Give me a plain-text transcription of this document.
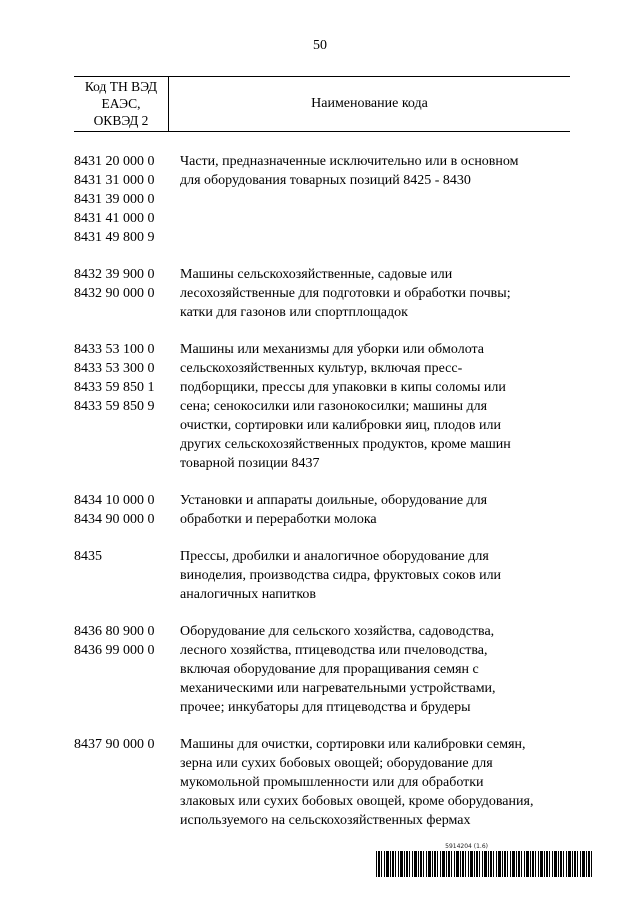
50
Код ТН ВЭД
ЕАЭС,
ОКВЭД 2
Наименование кода
8431 20 000 0
8431 31 000 0
8431 39 000 0
8431 41 000 0
8431 49 800 9
Части, предназначенные исключительно или в основном
для оборудования товарных позиций 8425 - 8430
8432 39 900 0
8432 90 000 0
Машины сельскохозяйственные, садовые или
лесохозяйственные для подготовки и обработки почвы;
катки для газонов или спортплощадок
8433 53 100 0
8433 53 300 0
8433 59 850 1
8433 59 850 9
Машины или механизмы для уборки или обмолота
сельскохозяйственных культур, включая пресс-
подборщики, прессы для упаковки в кипы соломы или
сена; сенокосилки или газонокосилки; машины для
очистки, сортировки или калибровки яиц, плодов или
других сельскохозяйственных продуктов, кроме машин
товарной позиции 8437
8434 10 000 0
8434 90 000 0
Установки и аппараты доильные, оборудование для
обработки и переработки молока
8435	Прессы, дробилки и аналогичное оборудование для
виноделия, производства сидра, фруктовых соков или
аналогичных напитков
8436 80 900 0
8436 99 000 0
Оборудование для сельского хозяйства, садоводства,
лесного хозяйства, птицеводства или пчеловодства,
включая оборудование для проращивания семян с
механическими или нагревательными устройствами,
прочее; инкубаторы для птицеводства и брудеры
8437 90 000 0	Машины для очистки, сортировки или калибровки семян,
зерна или сухих бобовых овощей; оборудование для
мукомольной промышленности или для обработки
злаковых или сухих бобовых овощей, кроме оборудования,
используемого на сельскохозяйственных фермах
5914204 (1.6)
